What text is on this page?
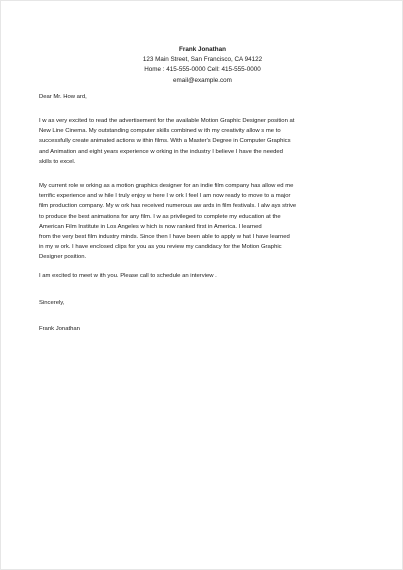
Frank Jonathan
123 Main Street, San Francisco, CA 94122
Home : 415-555-0000 Cell: 415-555-0000
email@example.com
Dear Mr. How ard,

I w as very excited to read the advertisement for the available Motion Graphic Designer position at

New Line Cinema. My outstanding computer skills combined w ith my creativity allow s me to

successfully create animated actions w ithin films. With a Master's Degree in Computer Graphics

and Animation and eight years experience w orking in the industry I believe I have the needed

skills to excel.

My current role w orking as a motion graphics designer for an indie film company has allow ed me

terrific experience and w hile I truly enjoy w here I w ork I feel I am now ready to move to a major

film production company. My w ork has received numerous aw ards in film festivals. I alw ays strive

to produce the best animations for any film. I w as privileged to complete my education at the

American Film Institute in Los Angeles w hich is now ranked first in America. I learned

from the very best film industry minds. Since then I have been able to apply w hat I have learned

in my w ork. I have enclosed clips for you as you review my candidacy for the Motion Graphic

Designer position.

I am excited to meet w ith you. Please call to schedule an interview .
Sincerely,
Frank Jonathan
